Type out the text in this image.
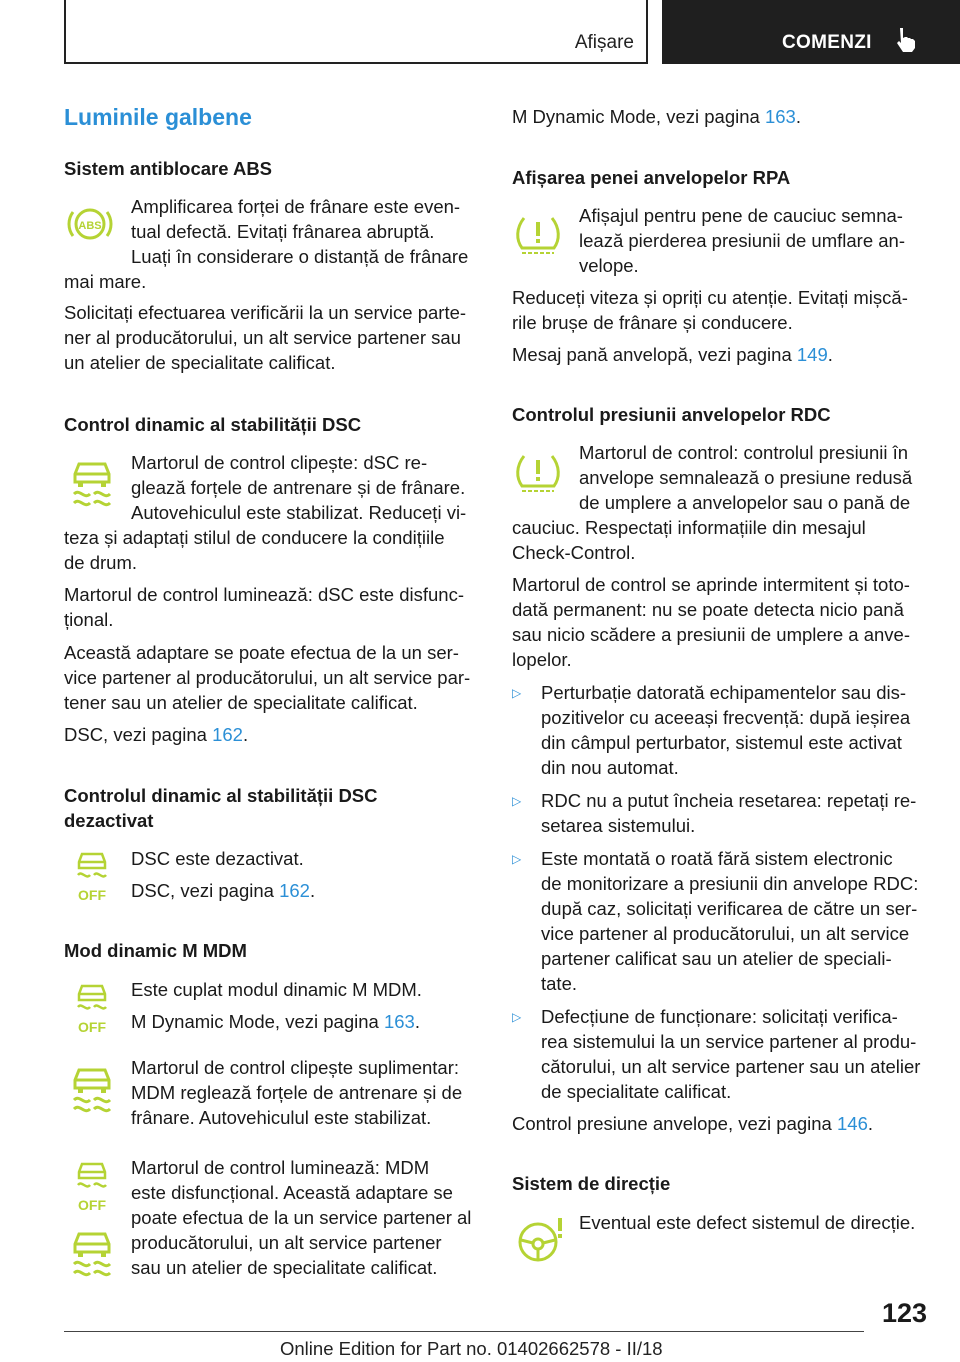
Afișare	COMENZI
Luminile galbene
Sistem antiblocare ABS
ABS
Amplificarea forței de frânare este even-
tual defectă. Evitați frânarea abruptă.
Luați în considerare o distanță de frânare
mai mare.
Solicitați efectuarea verificării la un service parte-
ner al producătorului, un alt service partener sau
un atelier de specialitate calificat.
Control dinamic al stabilității DSC
Martorul de control clipește: dSC re-
glează forțele de antrenare și de frânare.
Autovehiculul este stabilizat. Reduceți vi-
teza și adaptați stilul de conducere la condițiile
de drum.
Martorul de control luminează: dSC este disfunc-
țional.
Această adaptare se poate efectua de la un ser-
vice partener al producătorului, un alt service par-
tener sau un atelier de specialitate calificat.
DSC, vezi pagina 162.
Controlul dinamic al stabilității DSC
dezactivat
OFF
DSC este dezactivat.
DSC, vezi pagina 162.
Mod dinamic M MDM
OFF
Este cuplat modul dinamic M MDM.
M Dynamic Mode, vezi pagina 163.
Martorul de control clipește suplimentar:
MDM reglează forțele de antrenare și de
frânare. Autovehiculul este stabilizat.
OFF
Martorul de control luminează: MDM
este disfuncțional. Această adaptare se
poate efectua de la un service partener al
producătorului, un alt service partener
sau un atelier de specialitate calificat.
M Dynamic Mode, vezi pagina 163.
Afișarea penei anvelopelor RPA
Afișajul pentru pene de cauciuc semna-
lează pierderea presiunii de umflare an-
velope.
Reduceți viteza și opriți cu atenție. Evitați mișcă-
rile brușe de frânare și conducere.
Mesaj pană anvelopă, vezi pagina 149.
Controlul presiunii anvelopelor RDC
Martorul de control: controlul presiunii în
anvelope semnalează o presiune redusă
de umplere a anvelopelor sau o pană de
cauciuc. Respectați informațiile din mesajul
Check-Control.
Martorul de control se aprinde intermitent și toto-
dată permanent: nu se poate detecta nicio pană
sau nicio scădere a presiunii de umplere a anve-
lopelor.
▷ Perturbație datorată echipamentelor sau dis-
pozitivelor cu aceeași frecvență: după ieșirea
din câmpul perturbator, sistemul este activat
din nou automat.
▷ RDC nu a putut încheia resetarea: repetați re-
setarea sistemului.
▷ Este montată o roată fără sistem electronic
de monitorizare a presiunii din anvelope RDC:
după caz, solicitați verificarea de către un ser-
vice partener al producătorului, un alt service
partener calificat sau un atelier de speciali-
tate.
▷ Defecțiune de funcționare: solicitați verifica-
rea sistemului la un service partener al produ-
cătorului, un alt service partener sau un atelier
de specialitate calificat.
Control presiune anvelope, vezi pagina 146.
Sistem de direcție
Eventual este defect sistemul de direcție.
123
Online Edition for Part no. 01402662578 - II/18
